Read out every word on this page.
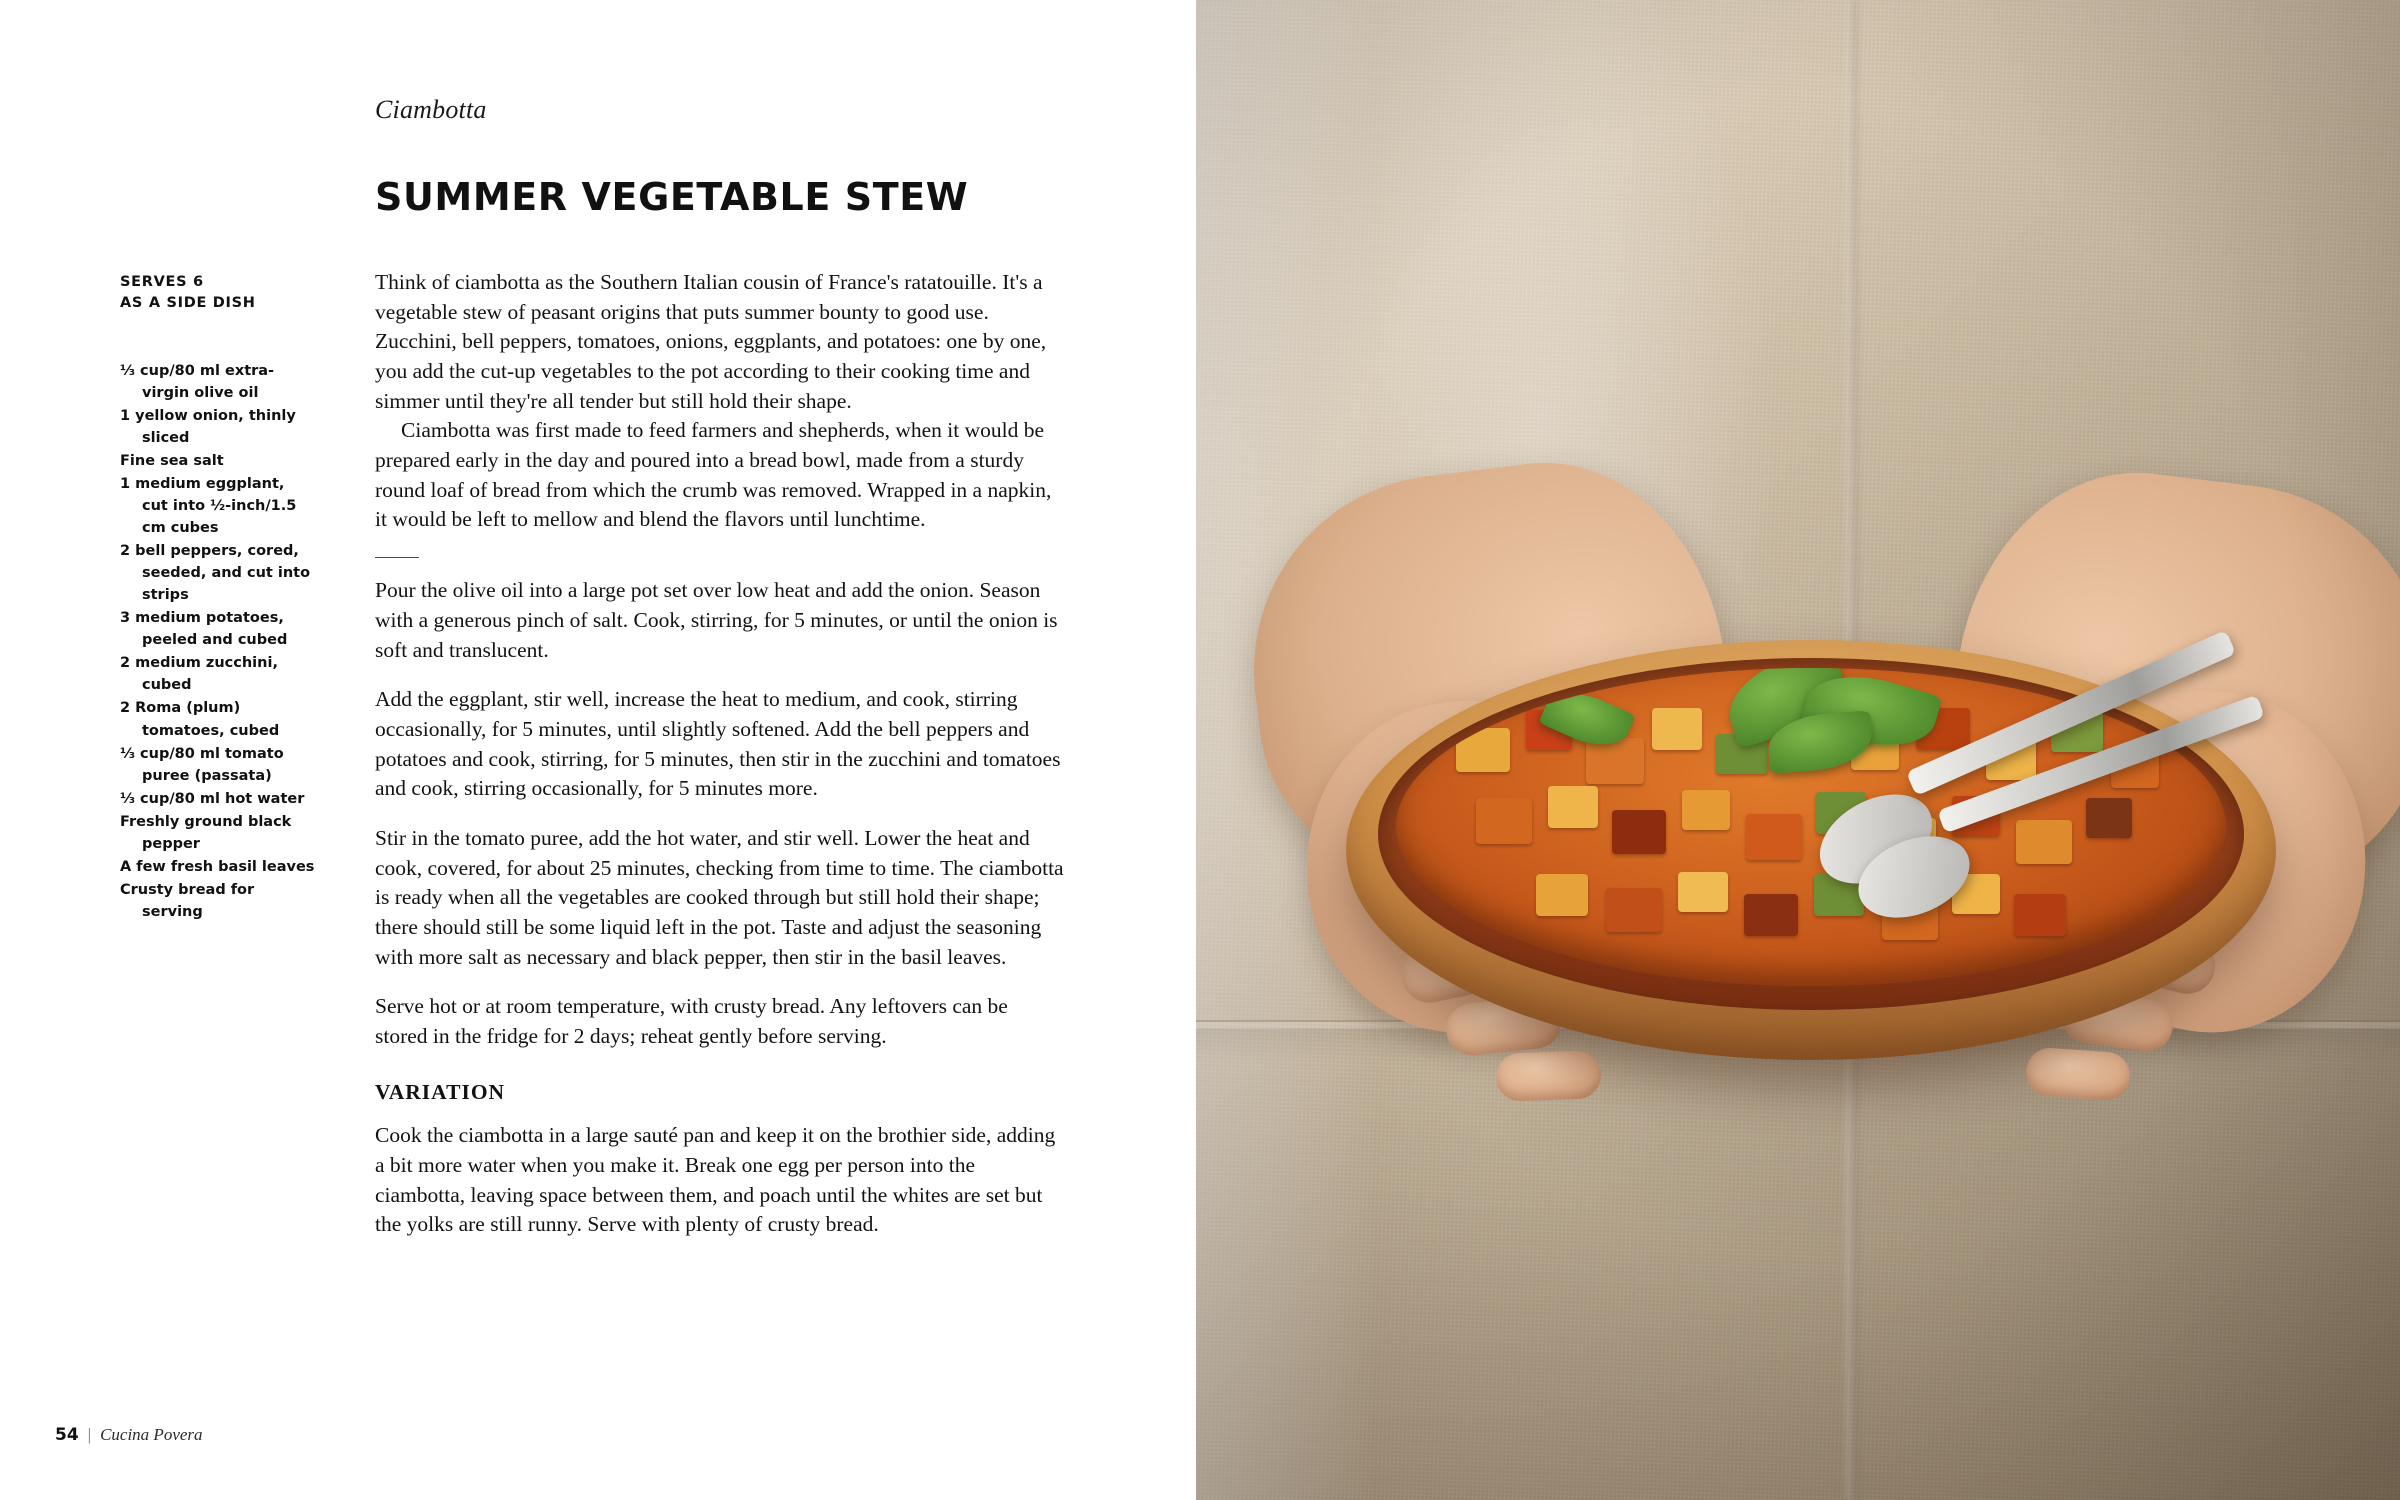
Ciambotta
SUMMER VEGETABLE STEW
SERVES 6
AS A SIDE DISH
⅓ cup/80 ml extra-virgin olive oil
1 yellow onion, thinly sliced
Fine sea salt
1 medium eggplant, cut into ½-inch/1.5 cm cubes
2 bell peppers, cored, seeded, and cut into strips
3 medium potatoes, peeled and cubed
2 medium zucchini, cubed
2 Roma (plum) tomatoes, cubed
⅓ cup/80 ml tomato puree (passata)
⅓ cup/80 ml hot water
Freshly ground black pepper
A few fresh basil leaves
Crusty bread for serving

Think of ciambotta as the Southern Italian cousin of France's ratatouille. It's a vegetable stew of peasant origins that puts summer bounty to good use. Zucchini, bell peppers, tomatoes, onions, eggplants, and potatoes: one by one, you add the cut-up vegetables to the pot according to their cooking time and simmer until they're all tender but still hold their shape.

Ciambotta was first made to feed farmers and shepherds, when it would be prepared early in the day and poured into a bread bowl, made from a sturdy round loaf of bread from which the crumb was removed. Wrapped in a napkin, it would be left to mellow and blend the flavors until lunchtime.

Pour the olive oil into a large pot set over low heat and add the onion. Season with a generous pinch of salt. Cook, stirring, for 5 minutes, or until the onion is soft and translucent.

Add the eggplant, stir well, increase the heat to medium, and cook, stirring occasionally, for 5 minutes, until slightly softened. Add the bell peppers and potatoes and cook, stirring, for 5 minutes, then stir in the zucchini and tomatoes and cook, stirring occasionally, for 5 minutes more.

Stir in the tomato puree, add the hot water, and stir well. Lower the heat and cook, covered, for about 25 minutes, checking from time to time. The ciambotta is ready when all the vegetables are cooked through but still hold their shape; there should still be some liquid left in the pot. Taste and adjust the seasoning with more salt as necessary and black pepper, then stir in the basil leaves.

Serve hot or at room temperature, with crusty bread. Any leftovers can be stored in the fridge for 2 days; reheat gently before serving.

VARIATION

Cook the ciambotta in a large sauté pan and keep it on the brothier side, adding a bit more water when you make it. Break one egg per person into the ciambotta, leaving space between them, and poach until the whites are set but the yolks are still runny. Serve with plenty of crusty bread.

54 | Cucina Povera
